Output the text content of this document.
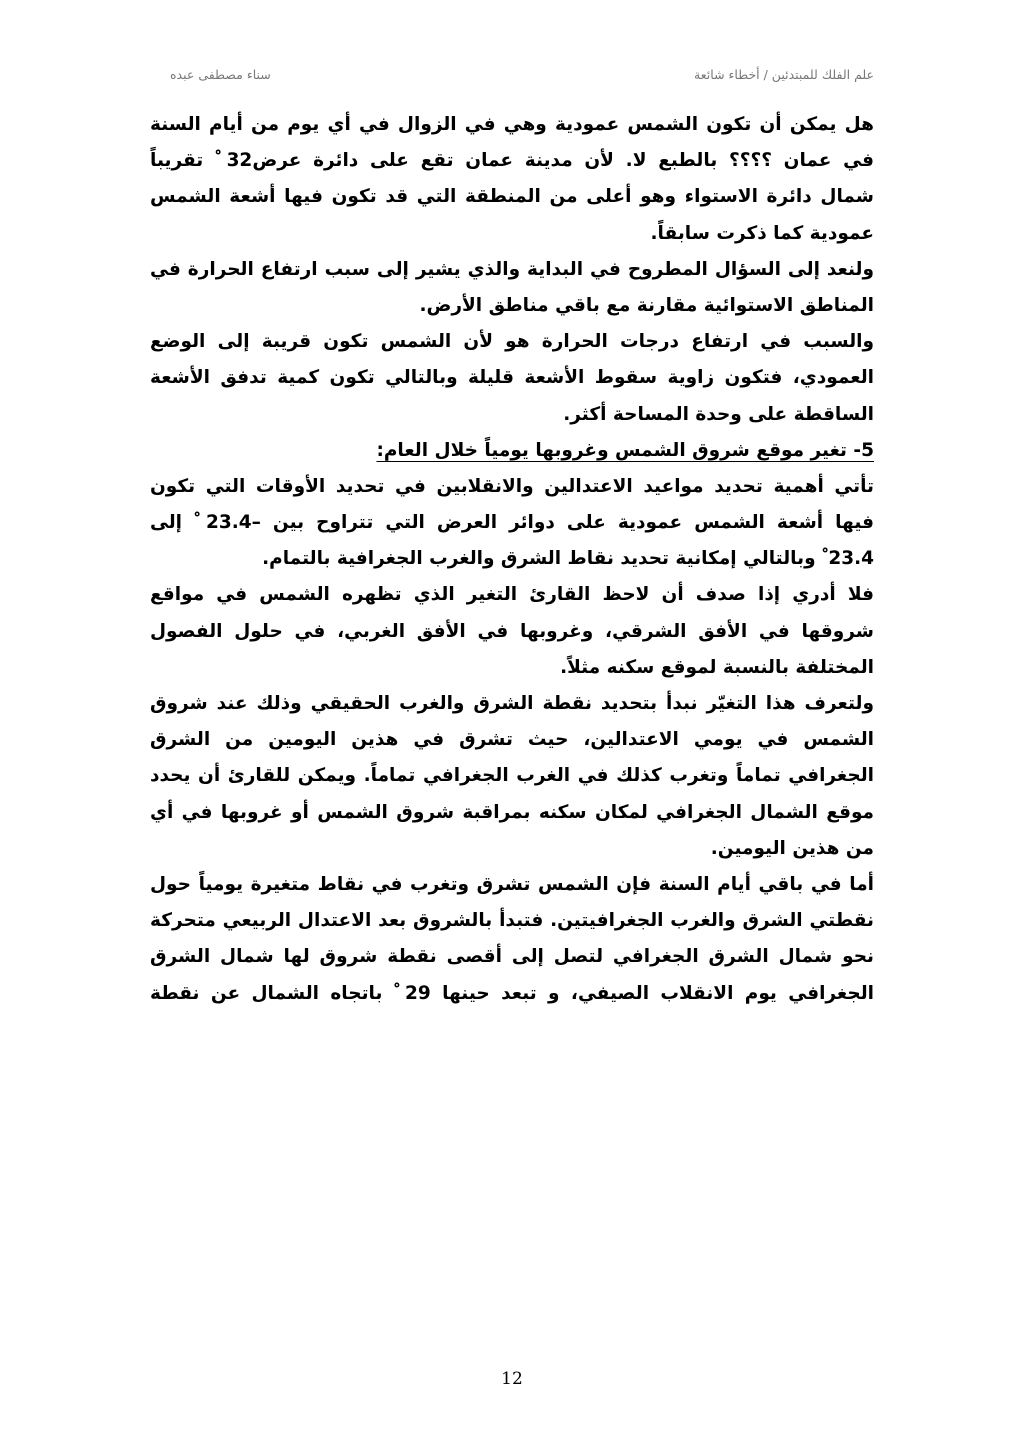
سناء مصطفى عبده	علم الفلك للمبتدئين / أخطاء شائعة
هل يمكن أن تكون الشمس عمودية وهي في الزوال في أي يوم من أيام السنة
في عمان ؟؟؟؟ بالطبع لا. لأن مدينة عمان تقع على دائرة عرض32 ْ تقريباً
شمال دائرة الاستواء وهو أعلى من المنطقة التي قد تكون فيها أشعة الشمس
عمودية كما ذكرت سابقاً.
ولنعد إلى السؤال المطروح في البداية والذي يشير إلى سبب ارتفاع الحرارة في
المناطق الاستوائية مقارنة مع باقي مناطق الأرض.
والسبب في ارتفاع درجات الحرارة هو لأن الشمس تكون قريبة إلى الوضع
العمودي، فتكون زاوية سقوط الأشعة قليلة وبالتالي تكون كمية تدفق الأشعة
الساقطة على وحدة المساحة أكثر.
5- تغير موقع شروق الشمس وغروبها يومياً خلال العام:
تأتي أهمية تحديد مواعيد الاعتدالين والانقلابين في تحديد الأوقات التي تكون
فيها أشعة الشمس عمودية على دوائر العرض التي تتراوح بين –23.4 ْ إلى
23.4 ْ وبالتالي إمكانية تحديد نقاط الشرق والغرب الجغرافية بالتمام.
فلا أدري إذا صدف أن لاحظ القارئ التغير الذي تظهره الشمس في مواقع
شروقها في الأفق الشرقي، وغروبها في الأفق الغربي، في حلول الفصول
المختلفة بالنسبة لموقع سكنه مثلاً.
ولتعرف هذا التغيّر نبدأ بتحديد نقطة الشرق والغرب الحقيقي وذلك عند شروق
الشمس في يومي الاعتدالين، حيث تشرق في هذين اليومين من الشرق
الجغرافي تماماً وتغرب كذلك في الغرب الجغرافي تماماً. ويمكن للقارئ أن يحدد
موقع الشمال الجغرافي لمكان سكنه بمراقبة شروق الشمس أو غروبها في أي
من هذين اليومين.
أما في باقي أيام السنة فإن الشمس تشرق وتغرب في نقاط متغيرة يومياً حول
نقطتي الشرق والغرب الجغرافيتين. فتبدأ بالشروق بعد الاعتدال الربيعي متحركة
نحو شمال الشرق الجغرافي لتصل إلى أقصى نقطة شروق لها شمال الشرق
الجغرافي يوم الانقلاب الصيفي، و تبعد حينها 29 ْ باتجاه الشمال عن نقطة
12
